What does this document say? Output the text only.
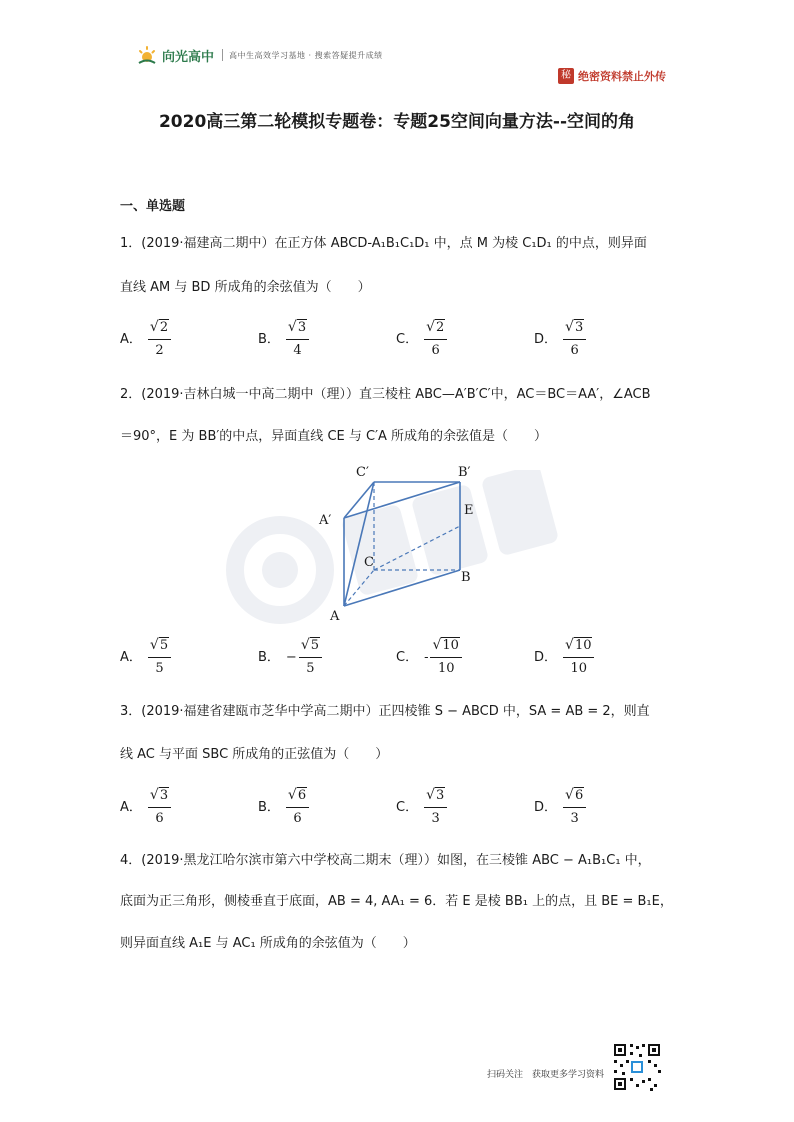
向光高中 高中生高效学习基地 · 搜索答疑提升成绩
秘 绝密资料禁止外传
2020高三第二轮模拟专题卷：专题25空间向量方法--空间的角
一、单选题
1．(2019·福建高二期中）在正方体 ABCD-A₁B₁C₁D₁ 中，点 M 为棱 C₁D₁ 的中点，则异面
直线 AM 与 BD 所成角的余弦值为（　　）
A． $\frac{√ 2}{2}$	B． $\frac{√ 3}{4}$	C． $\frac{√ 2}{6}$	D． $\frac{√ 3}{6}$
2．(2019·吉林白城一中高二期中（理））直三棱柱 ABC—A′B′C′中，AC＝BC＝AA′，∠ACB
＝90°，E 为 BB′的中点，异面直线 CE 与 C′A 所成角的余弦值是（　　）
C′	B′
A′
E
C
B
A
A． $\frac{√ 5}{5}$	B． − $\frac{√ 5}{5}$	C． - $\frac{√ 10}{10}$	D． $\frac{√ 10}{10}$
3．(2019·福建省建瓯市芝华中学高二期中）正四棱锥 S − ABCD 中，SA = AB = 2，则直
线 AC 与平面 SBC 所成角的正弦值为（　　）
A． $\frac{√ 3}{6}$	B． $\frac{√ 6}{6}$	C． $\frac{√ 3}{3}$	D． $\frac{√ 6}{3}$
4．(2019·黑龙江哈尔滨市第六中学校高二期末（理））如图，在三棱锥 ABC − A₁B₁C₁ 中，
底面为正三角形，侧棱垂直于底面，AB = 4, AA₁ = 6．若 E 是棱 BB₁ 上的点，且 BE = B₁E，
则异面直线 A₁E 与 AC₁ 所成角的余弦值为（　　）
扫码关注　获取更多学习资料
